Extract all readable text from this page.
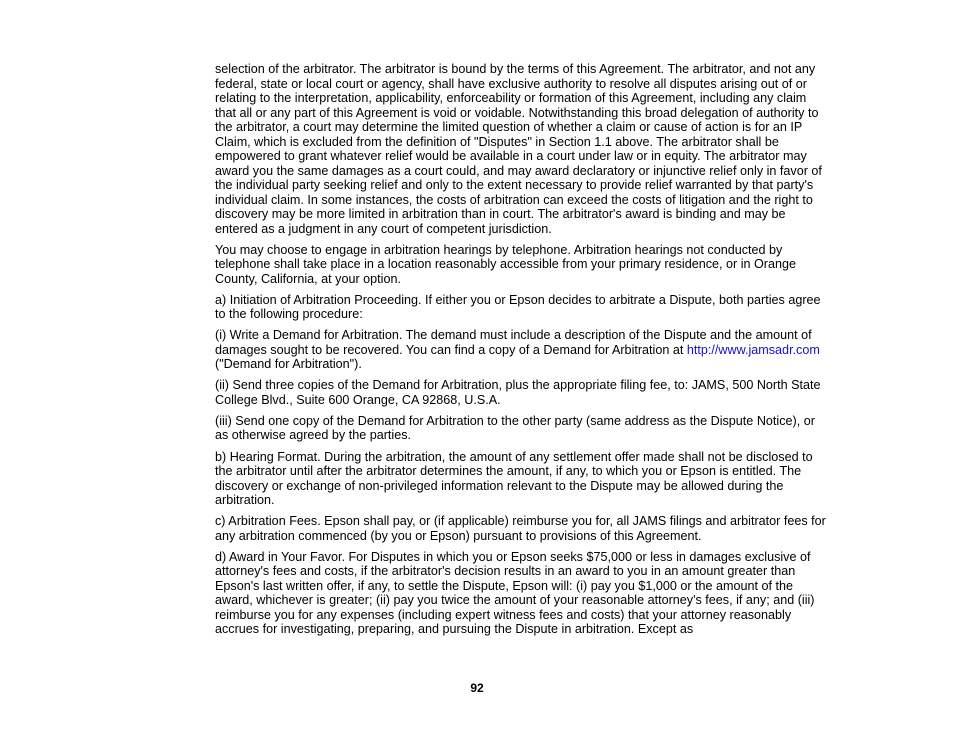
selection of the arbitrator. The arbitrator is bound by the terms of this Agreement. The arbitrator, and not any federal, state or local court or agency, shall have exclusive authority to resolve all disputes arising out of or relating to the interpretation, applicability, enforceability or formation of this Agreement, including any claim that all or any part of this Agreement is void or voidable. Notwithstanding this broad delegation of authority to the arbitrator, a court may determine the limited question of whether a claim or cause of action is for an IP Claim, which is excluded from the definition of "Disputes" in Section 1.1 above. The arbitrator shall be empowered to grant whatever relief would be available in a court under law or in equity. The arbitrator may award you the same damages as a court could, and may award declaratory or injunctive relief only in favor of the individual party seeking relief and only to the extent necessary to provide relief warranted by that party's individual claim. In some instances, the costs of arbitration can exceed the costs of litigation and the right to discovery may be more limited in arbitration than in court. The arbitrator's award is binding and may be entered as a judgment in any court of competent jurisdiction.

You may choose to engage in arbitration hearings by telephone. Arbitration hearings not conducted by telephone shall take place in a location reasonably accessible from your primary residence, or in Orange County, California, at your option.

a) Initiation of Arbitration Proceeding. If either you or Epson decides to arbitrate a Dispute, both parties agree to the following procedure:

(i) Write a Demand for Arbitration. The demand must include a description of the Dispute and the amount of damages sought to be recovered. You can find a copy of a Demand for Arbitration at http://www.jamsadr.com ("Demand for Arbitration").

(ii) Send three copies of the Demand for Arbitration, plus the appropriate filing fee, to: JAMS, 500 North State College Blvd., Suite 600 Orange, CA 92868, U.S.A.

(iii) Send one copy of the Demand for Arbitration to the other party (same address as the Dispute Notice), or as otherwise agreed by the parties.

b) Hearing Format. During the arbitration, the amount of any settlement offer made shall not be disclosed to the arbitrator until after the arbitrator determines the amount, if any, to which you or Epson is entitled. The discovery or exchange of non-privileged information relevant to the Dispute may be allowed during the arbitration.

c) Arbitration Fees. Epson shall pay, or (if applicable) reimburse you for, all JAMS filings and arbitrator fees for any arbitration commenced (by you or Epson) pursuant to provisions of this Agreement.

d) Award in Your Favor. For Disputes in which you or Epson seeks $75,000 or less in damages exclusive of attorney's fees and costs, if the arbitrator's decision results in an award to you in an amount greater than Epson's last written offer, if any, to settle the Dispute, Epson will: (i) pay you $1,000 or the amount of the award, whichever is greater; (ii) pay you twice the amount of your reasonable attorney's fees, if any; and (iii) reimburse you for any expenses (including expert witness fees and costs) that your attorney reasonably accrues for investigating, preparing, and pursuing the Dispute in arbitration. Except as

92
